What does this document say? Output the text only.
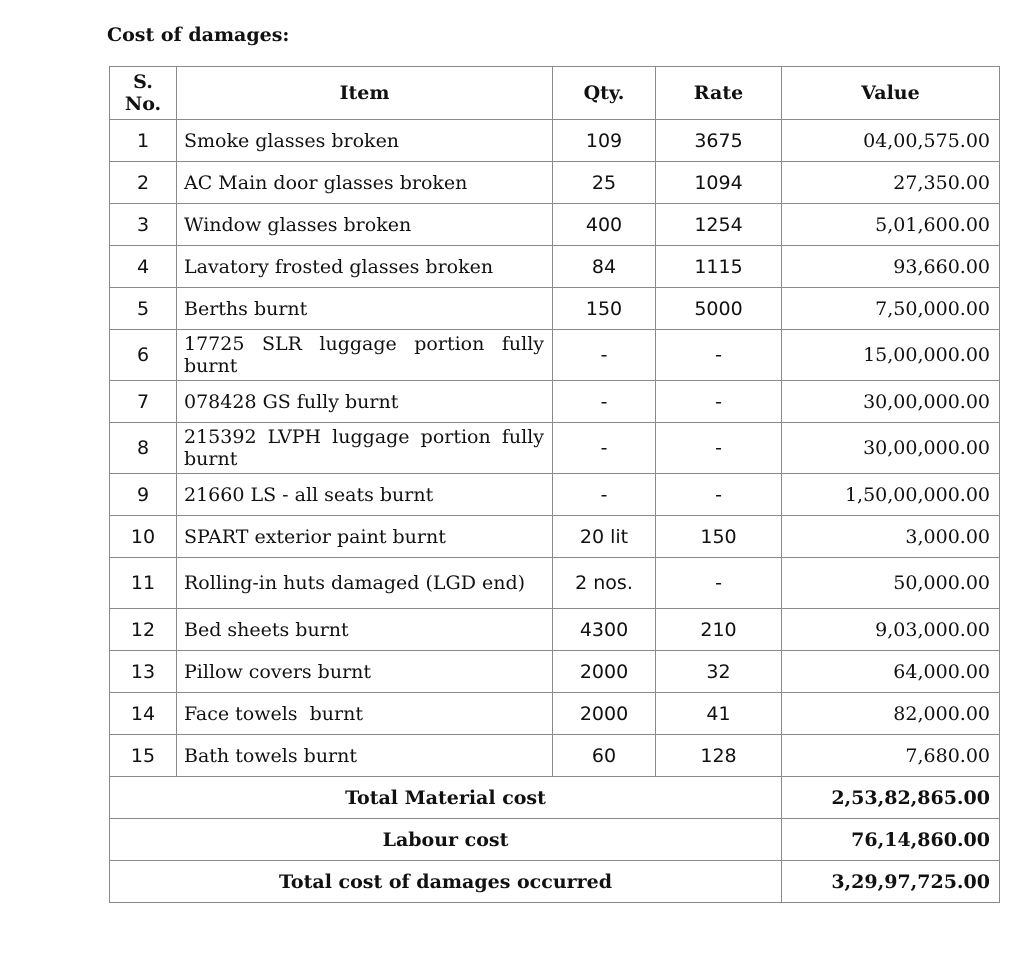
Cost of damages:
S.
No.	Item	Qty.	Rate	Value
1	Smoke glasses broken	109	3675	04,00,575.00
2	AC Main door glasses broken	25	1094	27,350.00
3	Window glasses broken	400	1254	5,01,600.00
4	Lavatory frosted glasses broken	84	1115	93,660.00
5	Berths burnt	150	5000	7,50,000.00
6	17725 SLR luggage portion fully burnt	-	-	15,00,000.00
7	078428 GS fully burnt	-	-	30,00,000.00
8	215392 LVPH luggage portion fully burnt	-	-	30,00,000.00
9	21660 LS - all seats burnt	-	-	1,50,00,000.00
10	SPART exterior paint burnt	20 lit	150	3,000.00
11	Rolling-in huts damaged (LGD end)	2 nos.	-	50,000.00
12	Bed sheets burnt	4300	210	9,03,000.00
13	Pillow covers burnt	2000	32	64,000.00
14	Face towels  burnt	2000	41	82,000.00
15	Bath towels burnt	60	128	7,680.00
Total Material cost				2,53,82,865.00
Labour cost				76,14,860.00
Total cost of damages occurred				3,29,97,725.00
